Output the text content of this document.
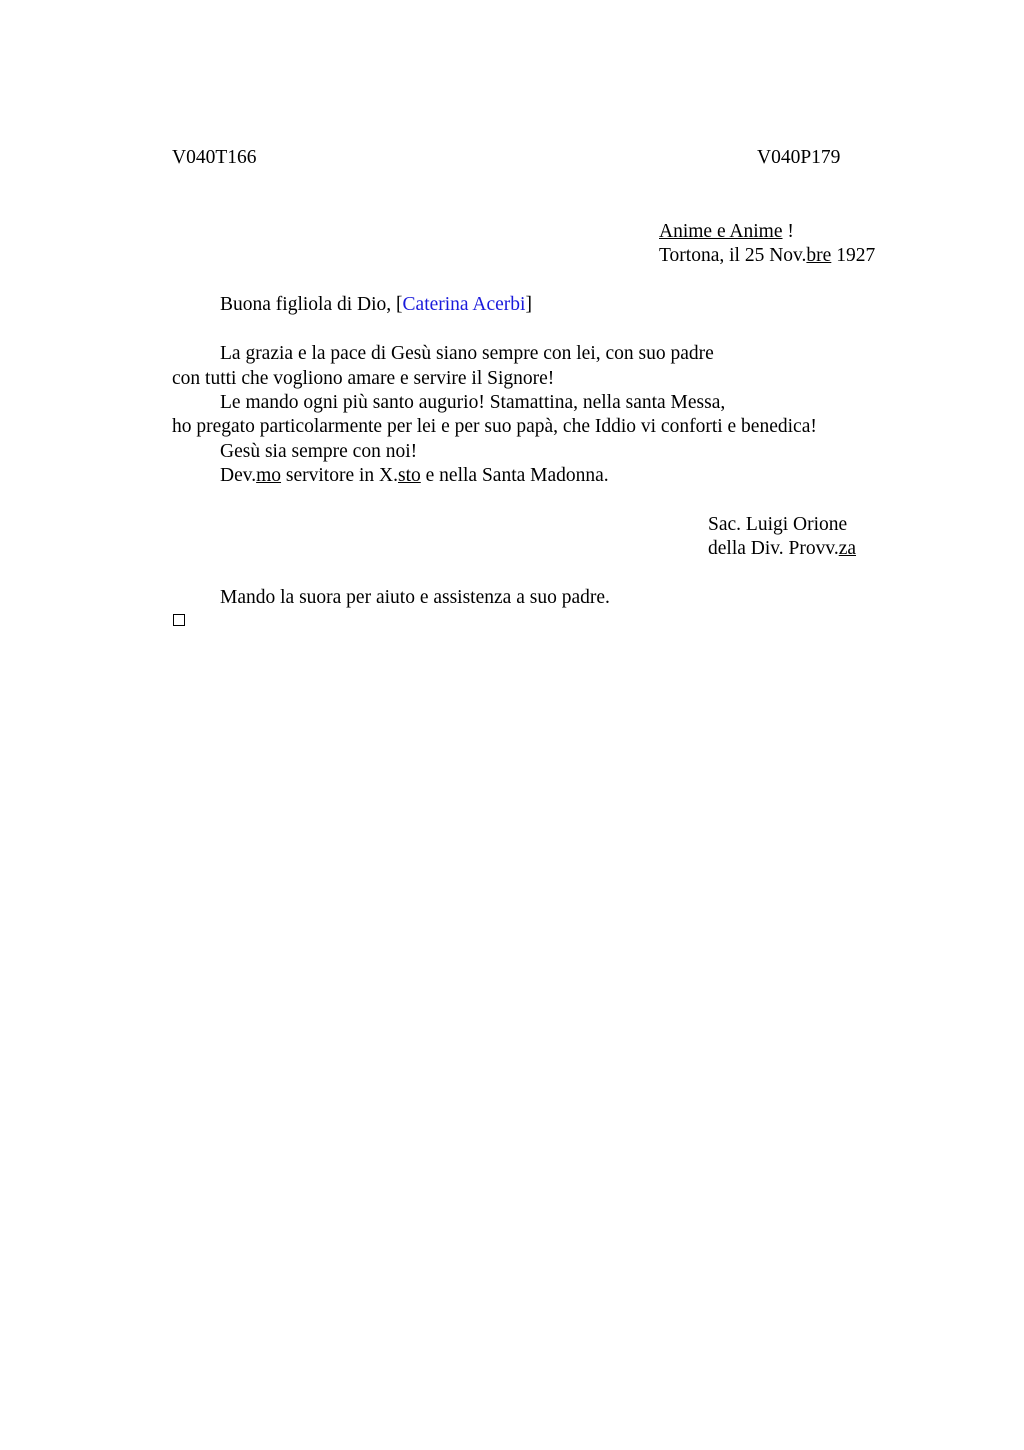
V040T166	V040P179
Anime e Anime !
Tortona, il 25 Nov.bre 1927
Buona figliola di Dio, [Caterina Acerbi]
La grazia e la pace di Gesù siano sempre con lei, con suo padre
con tutti che vogliono amare e servire il Signore!
Le mando ogni più santo augurio! Stamattina, nella santa Messa,
ho pregato particolarmente per lei e per suo papà, che Iddio vi conforti e benedica!
Gesù sia sempre con noi!
Dev.mo servitore in X.sto e nella Santa Madonna.
Sac. Luigi Orione
della Div. Provv.za
Mando la suora per aiuto e assistenza a suo padre.
